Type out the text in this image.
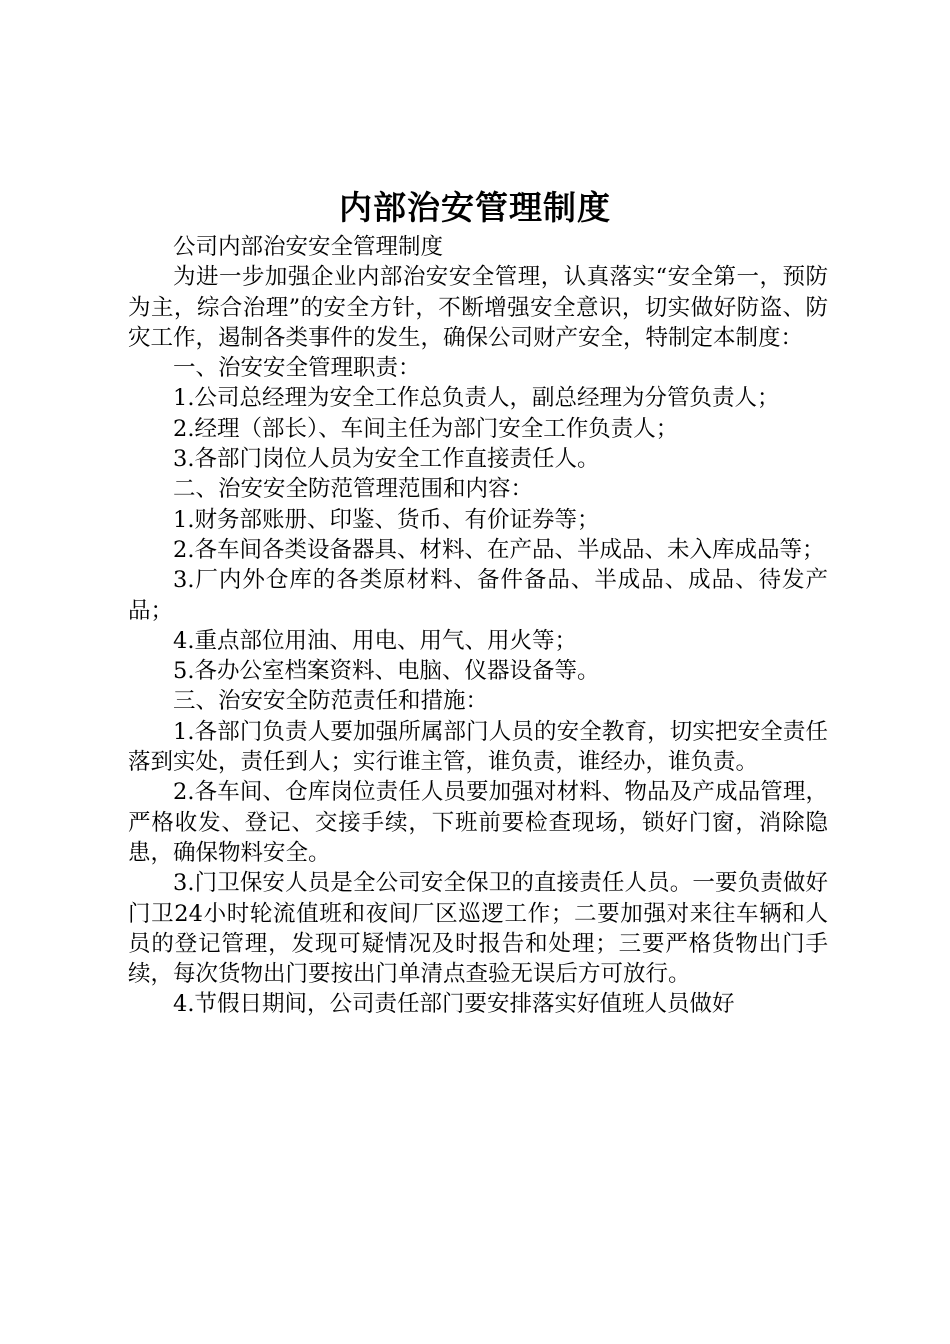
内部治安管理制度

公司内部治安安全管理制度

为进一步加强企业内部治安安全管理，认真落实“安全第一，预防为主，综合治理”的安全方针，不断增强安全意识，切实做好防盗、防灾工作，遏制各类事件的发生，确保公司财产安全，特制定本制度：

一、治安安全管理职责：

1.公司总经理为安全工作总负责人，副总经理为分管负责人；

2.经理（部长）、车间主任为部门安全工作负责人；

3.各部门岗位人员为安全工作直接责任人。

二、治安安全防范管理范围和内容：

1.财务部账册、印鉴、货币、有价证券等；

2.各车间各类设备器具、材料、在产品、半成品、未入库成品等；

3.厂内外仓库的各类原材料、备件备品、半成品、成品、待发产品；

4.重点部位用油、用电、用气、用火等；

5.各办公室档案资料、电脑、仪器设备等。

三、治安安全防范责任和措施：

1.各部门负责人要加强所属部门人员的安全教育，切实把安全责任落到实处，责任到人；实行谁主管，谁负责，谁经办，谁负责。

2.各车间、仓库岗位责任人员要加强对材料、物品及产成品管理，严格收发、登记、交接手续，下班前要检查现场，锁好门窗，消除隐患，确保物料安全。

3.门卫保安人员是全公司安全保卫的直接责任人员。一要负责做好门卫24小时轮流值班和夜间厂区巡逻工作；二要加强对来往车辆和人员的登记管理，发现可疑情况及时报告和处理；三要严格货物出门手续，每次货物出门要按出门单清点查验无误后方可放行。

4.节假日期间，公司责任部门要安排落实好值班人员做好
